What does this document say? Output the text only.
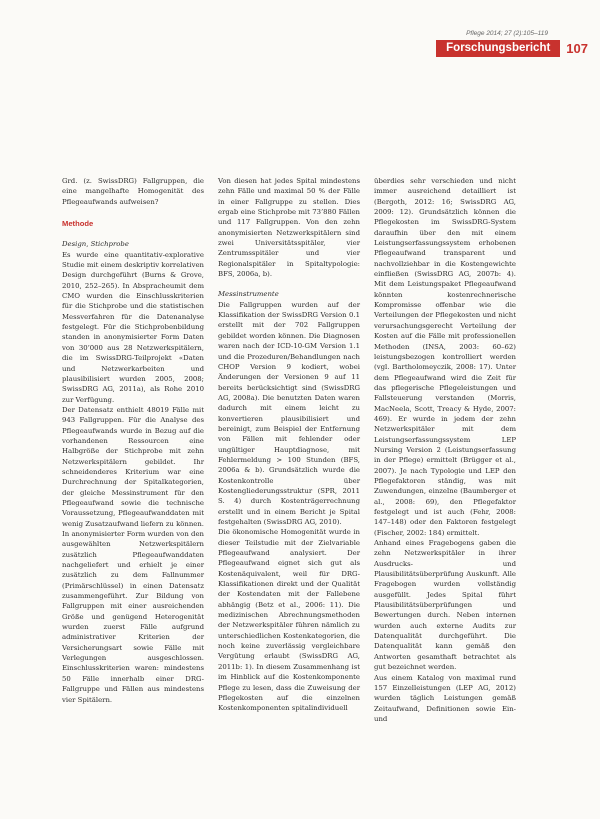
Pflege 2014; 27 (2):105–119
Forschungsbericht	107

Grd. (z. SwissDRG) Fallgruppen, die eine mangelhafte Homogenität des Pflegeaufwands aufweisen?

Methode

Design, Stichprobe

Es wurde eine quantitativ-explorative Studie mit einem deskriptiv korrelativen Design durchgeführt (Burns & Grove, 2010, 252–265). In Abspracheumit dem CMO wurden die Einschlusskriterien für die Stichprobe und die statistischen Messverfahren für die Datenanalyse festgelegt. Für die Stichprobenbildung standen in anonymisierter Form Daten von 30’000 aus 28 Netzwerkspitälern, die im SwissDRG-Teilprojekt «Daten und Netzwerkarbeiten und plausibilisiert wurden 2005, 2008; SwissDRG AG, 2011a), als Rohe 2010 zur Verfügung.

Der Datensatz enthielt 48019 Fälle mit 943 Fallgruppen. Für die Analyse des Pflegeaufwands wurde in Bezug auf die vorhandenen Ressourcen eine Halbgröße der Stichprobe mit zehn Netzwerkspitälern gebildet. Ihr schneidenderes Kriterium war eine Durchrechnung der Spitalkategorien, der gleiche Messinstrument für den Pflegeaufwand sowie die technische Voraussetzung, Pflegeaufwanddaten mit wenig Zusatzaufwand liefern zu können. In anonymisierter Form wurden von den ausgewählten Netzwerkspitälern zusätzlich Pflegeaufwanddaten nachgeliefert und erhielt je einer zusätzlich zu dem Fallnummer (Primärschlüssel) in einen Datensatz zusammengeführt. Zur Bildung von Fallgruppen mit einer ausreichenden Größe und genügend Heterogenität wurden zuerst Fälle aufgrund administrativer Kriterien der Versicherungsart sowie Fälle mit Verlegungen ausgeschlossen. Einschlusskriterien waren: mindestens 50 Fälle innerhalb einer DRG-Fallgruppe und Fällen aus mindestens vier Spitälern.

Von diesen hat jedes Spital mindestens zehn Fälle und maximal 50 % der Fälle in einer Fallgruppe zu stellen. Dies ergab eine Stichprobe mit 73’880 Fällen und 117 Fallgruppen. Von den zehn anonymisierten Netzwerkspitälern sind zwei Universitätsspitäler, vier Zentrumsspitäler und vier Regionalspitäler in Spitaltypologie: BFS, 2006a, b).

Messinstrumente

Die Fallgruppen wurden auf der Klassifikation der SwissDRG Version 0.1 erstellt mit der 702 Fallgruppen gebildet worden können. Die Diagnosen waren nach der ICD-10-GM Version 1.1 und die Prozeduren/Behandlungen nach CHOP Version 9 kodiert, wobei Änderungen der Versionen 9 auf 11 bereits berücksichtigt sind (SwissDRG AG, 2008a). Die benutzten Daten waren dadurch mit einem leicht zu konvertieren plausibilisiert und bereinigt, zum Beispiel der Entfernung von Fällen mit fehlender oder ungültiger Hauptdiagnose, mit Fehlermeldung > 100 Stunden (BFS, 2006a & b). Grundsätzlich wurde die Kostenkontrolle über Kostengliederungsstruktur (SPR, 2011 S. 4) durch Kostenträgerrechnung erstellt und in einem Bericht je Spital festgehalten (SwissDRG AG, 2010).

Die ökonomische Homogenität wurde in dieser Teilstudie mit der Zielvariable Pflegeaufwand analysiert. Der Pflegeaufwand eignet sich gut als Kostenäquivalent, weil für DRG-Klassifikationen direkt und der Qualität der Kostendaten mit der Fallebene abhängig (Betz et al., 2006: 11). Die medizinischen Abrechnungsmethoden der Netzwerkspitäler führen nämlich zu unterschiedlichen Kostenkategorien, die noch keine zuverlässig vergleichbare Vergütung erlaubt (SwissDRG AG, 2011b: 1). In diesem Zusammenhang ist im Hinblick auf die Kostenkomponente Pflege zu lesen, dass die Zuweisung der Pflegekosten auf die einzelnen Kostenkomponenten spitalindividuell

überdies sehr verschieden und nicht immer ausreichend detailliert ist (Bergoth, 2012: 16; SwissDRG AG, 2009: 12). Grundsätzlich können die Pflegekosten im SwissDRG-System daraufhin über den mit einem Leistungserfassungssystem erhobenen Pflegeaufwand transparent und nachvollziehbar in die Kostengewichte einfließen (SwissDRG AG, 2007b: 4). Mit dem Leistungspaket Pflegeaufwand könnten kostenrechnerische Kompromisse offenbar wie die Verteilungen der Pflegekosten und nicht verursachungsgerecht Verteilung der Kosten auf die Fälle mit professionellen Methoden (INSA, 2003: 60–62) leistungsbezogen kontrolliert werden (vgl. Bartholomeyczik, 2008: 17). Unter dem Pflegeaufwand wird die Zeit für das pflegerische Pflegeleistungen und Fallsteuerung verstanden (Morris, MacNeela, Scott, Treacy & Hyde, 2007: 469). Er wurde in jedem der zehn Netzwerkspitäler mit dem Leistungserfassungssystem LEP Nursing Version 2 (Leistungserfassung in der Pflege) ermittelt (Brügger et al., 2007). Je nach Typologie und LEP den Pflegefaktoren ständig, was mit Zuwendungen, einzelne (Baumberger et al., 2008: 69), den Pflegefaktor festgelegt und ist auch (Fehr, 2008: 147–148) oder den Faktoren festgelegt (Fischer, 2002: 184) ermittelt.

Anhand eines Fragebogens gaben die zehn Netzwerkspitäler in ihrer Ausdrucks- und Plausibilitätsüberprüfung Auskunft. Alle Fragebogen wurden vollständig ausgefüllt. Jedes Spital führt Plausibilitätsüberprüfungen und Bewertungen durch. Neben internen wurden auch externe Audits zur Datenqualität durchgeführt. Die Datenqualität kann gemäß den Antworten gesamthaft betrachtet als gut bezeichnet werden.

Aus einem Katalog von maximal rund 157 Einzelleistungen (LEP AG, 2012) wurden täglich Leistungen gemäß Zeitaufwand, Definitionen sowie Ein- und
